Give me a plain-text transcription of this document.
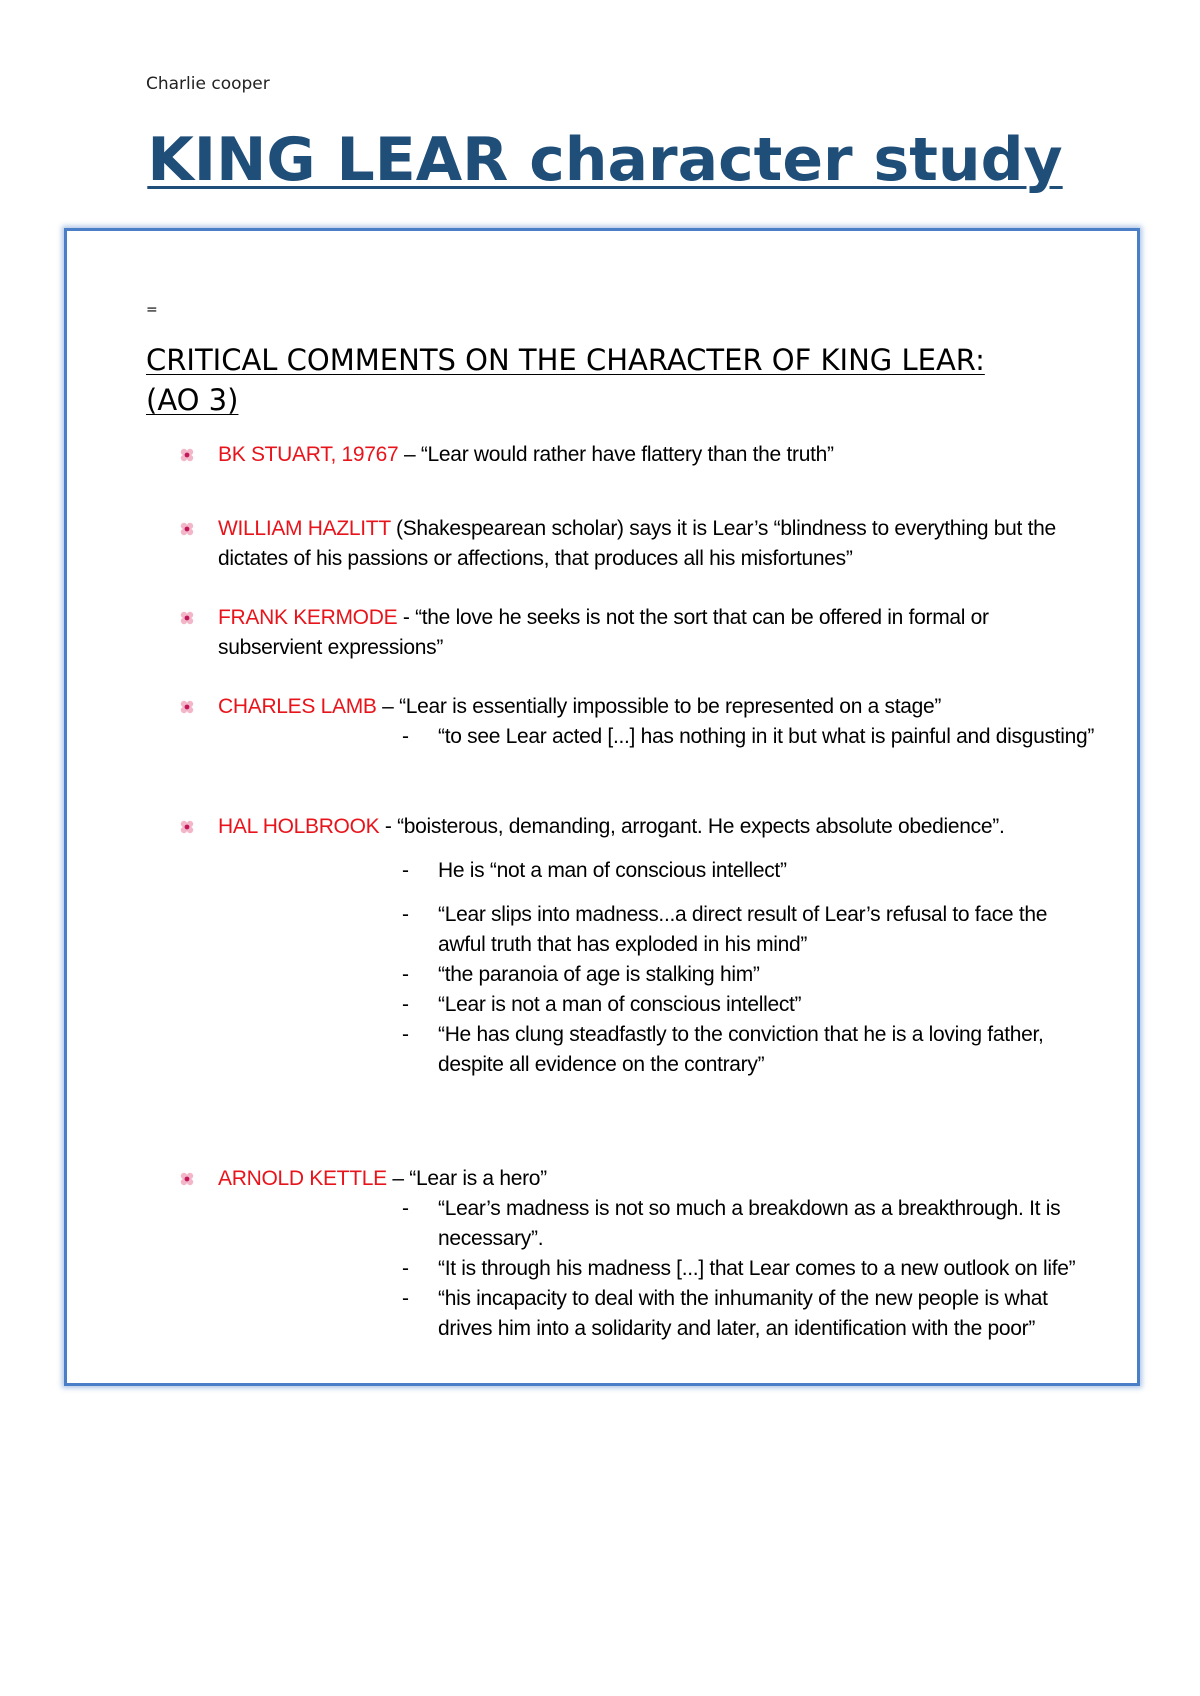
Charlie cooper
KING LEAR character study
=
CRITICAL COMMENTS ON THE CHARACTER OF KING LEAR: (AO 3)
BK STUART, 19767 – “Lear would rather have flattery than the truth”
WILLIAM HAZLITT (Shakespearean scholar) says it is Lear’s “blindness to everything but the dictates of his passions or affections, that produces all his misfortunes”
FRANK KERMODE - “the love he seeks is not the sort that can be offered in formal or subservient expressions”
CHARLES LAMB – “Lear is essentially impossible to be represented on a stage”
- “to see Lear acted [...] has nothing in it but what is painful and disgusting”
HAL HOLBROOK - “boisterous, demanding, arrogant. He expects absolute obedience”.
- He is “not a man of conscious intellect”
- “Lear slips into madness...a direct result of Lear’s refusal to face the awful truth that has exploded in his mind”
- “the paranoia of age is stalking him”
- “Lear is not a man of conscious intellect”
- “He has clung steadfastly to the conviction that he is a loving father, despite all evidence on the contrary”
ARNOLD KETTLE – “Lear is a hero”
- “Lear’s madness is not so much a breakdown as a breakthrough. It is necessary”.
- “It is through his madness [...] that Lear comes to a new outlook on life”
- “his incapacity to deal with the inhumanity of the new people is what drives him into a solidarity and later, an identification with the poor”
